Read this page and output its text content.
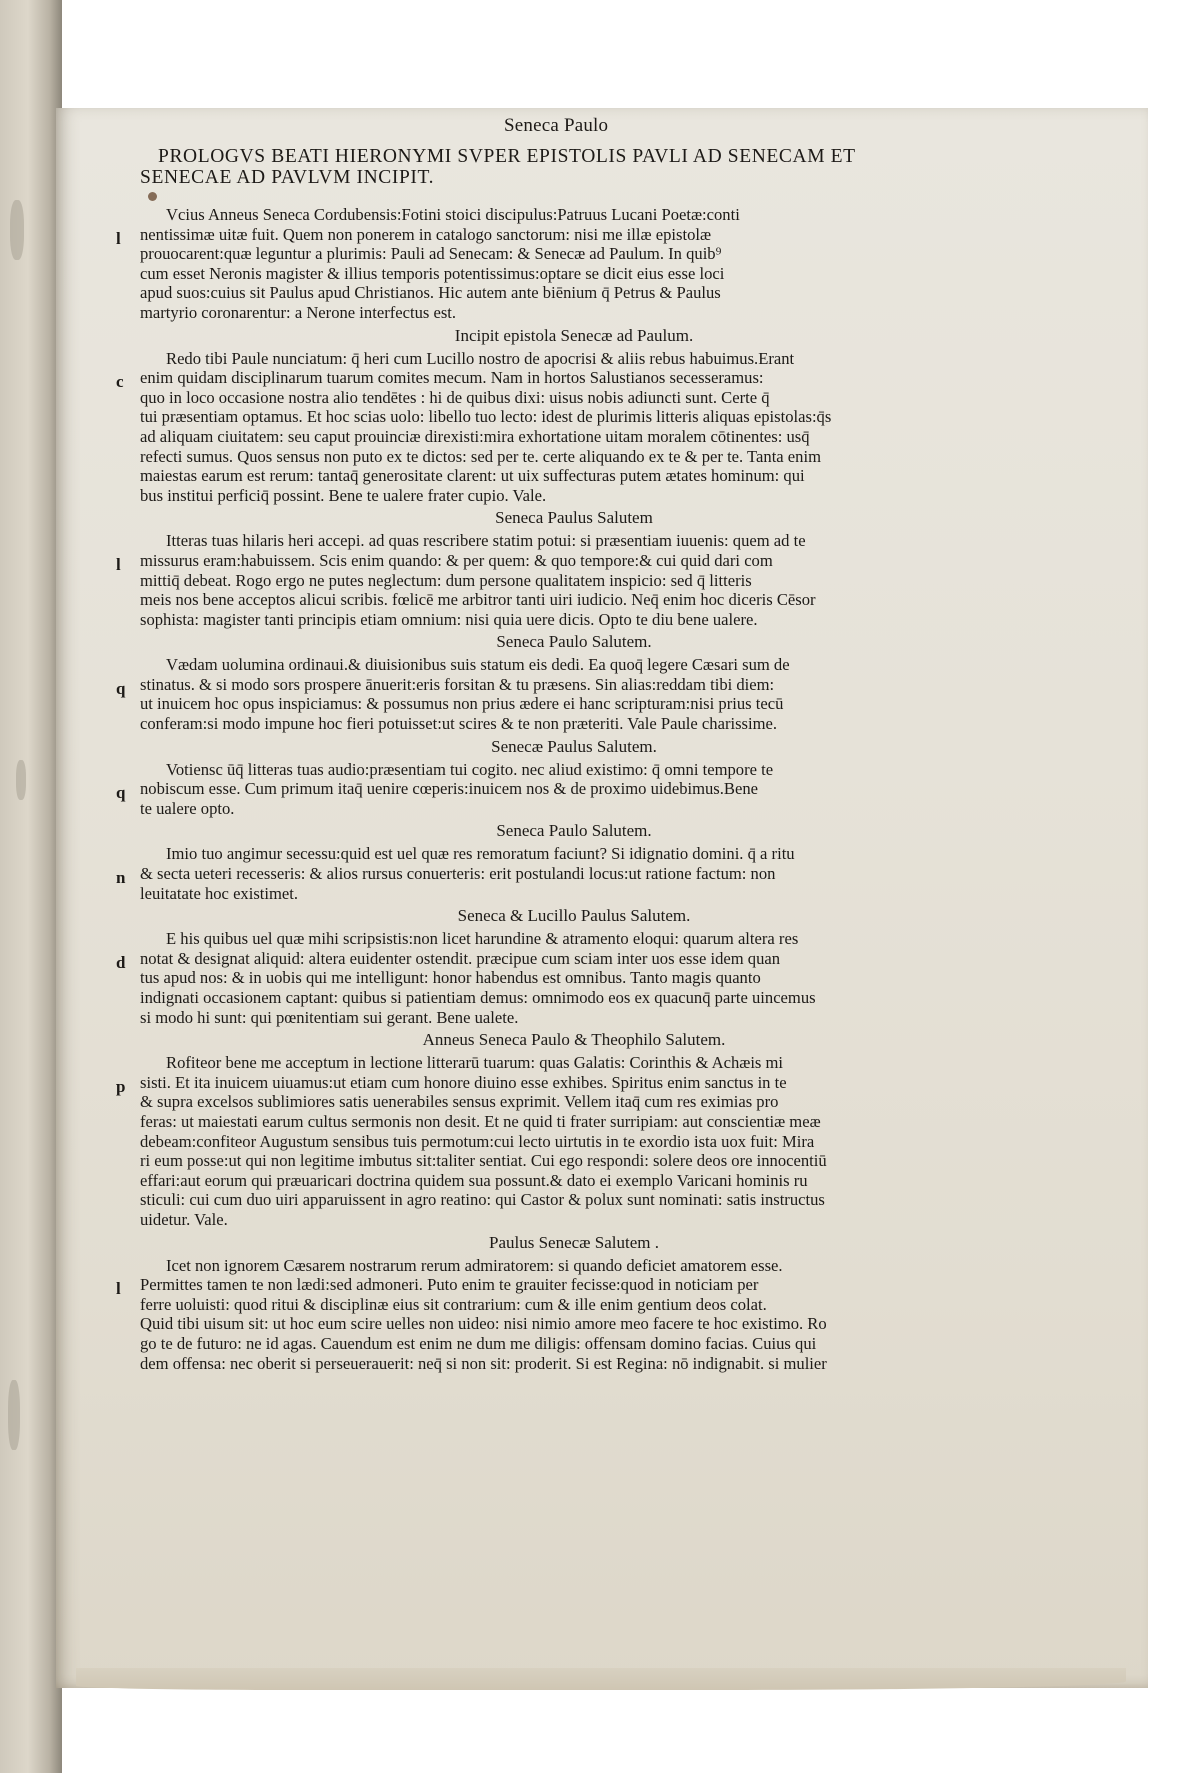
Seneca Paulo
PROLOGVS BEATI HIERONYMI SVPER EPISTOLIS PAVLI AD SENECAM ET
SENECAE AD PAVLVM INCIPIT.
l

Vcius Anneus Seneca Cordubensis:Fotini stoici discipulus:Patruus Lucani Poetæ:conti
nentissimæ uitæ fuit. Quem non ponerem in catalogo sanctorum: nisi me illæ epistolæ
prouocarent:quæ leguntur a plurimis: Pauli ad Senecam: & Senecæ ad Paulum. In quib⁹
cum esset Neronis magister & illius temporis potentissimus:optare se dicit eius esse loci
apud suos:cuius sit Paulus apud Christianos. Hic autem ante biēnium q̄ Petrus & Paulus
martyrio coronarentur: a Nerone interfectus est.

Incipit epistola Senecæ ad Paulum.
c

Redo tibi Paule nunciatum: q̄ heri cum Lucillo nostro de apocrisi & aliis rebus habuimus.Erant
enim quidam disciplinarum tuarum comites mecum. Nam in hortos Salustianos secesseramus:
quo in loco occasione nostra alio tendētes : hi de quibus dixi: uisus nobis adiuncti sunt. Certe q̄
tui præsentiam optamus. Et hoc scias uolo: libello tuo lecto: idest de plurimis litteris aliquas epistolas:q̄s
ad aliquam ciuitatem: seu caput prouinciæ direxisti:mira exhortatione uitam moralem cōtinentes: usq̄
refecti sumus. Quos sensus non puto ex te dictos: sed per te. certe aliquando ex te & per te. Tanta enim
maiestas earum est rerum: tantaq̄ generositate clarent: ut uix suffecturas putem ætates hominum: qui
bus institui perficiq̄ possint. Bene te ualere frater cupio. Vale.

Seneca Paulus Salutem
l

Itteras tuas hilaris heri accepi. ad quas rescribere statim potui: si præsentiam iuuenis: quem ad te
missurus eram:habuissem. Scis enim quando: & per quem: & quo tempore:& cui quid dari com
mittiq̄ debeat. Rogo ergo ne putes neglectum: dum persone qualitatem inspicio: sed q̄ litteris
meis nos bene acceptos alicui scribis. fœlicē me arbitror tanti uiri iudicio. Neq̄ enim hoc diceris Cēsor
sophista: magister tanti principis etiam omnium: nisi quia uere dicis. Opto te diu bene ualere.

Seneca Paulo Salutem.
q

Vædam uolumina ordinaui.& diuisionibus suis statum eis dedi. Ea quoq̄ legere Cæsari sum de
stinatus. & si modo sors prospere ānuerit:eris forsitan & tu præsens. Sin alias:reddam tibi diem:
ut inuicem hoc opus inspiciamus: & possumus non prius ædere ei hanc scripturam:nisi prius tecū
conferam:si modo impune hoc fieri potuisset:ut scires & te non præteriti. Vale Paule charissime.

Senecæ Paulus Salutem.
q

Votiensc ūq̄ litteras tuas audio:præsentiam tui cogito. nec aliud existimo: q̄ omni tempore te
nobiscum esse. Cum primum itaq̄ uenire cœperis:inuicem nos & de proximo uidebimus.Bene
te ualere opto.

Seneca Paulo Salutem.
n

Imio tuo angimur secessu:quid est uel quæ res remoratum faciunt? Si idignatio domini. q̄ a ritu
& secta ueteri recesseris: & alios rursus conuerteris: erit postulandi locus:ut ratione factum: non
leuitatate hoc existimet.

Seneca & Lucillo Paulus Salutem.
d

E his quibus uel quæ mihi scripsistis:non licet harundine & atramento eloqui: quarum altera res
notat & designat aliquid: altera euidenter ostendit. præcipue cum sciam inter uos esse idem quan
tus apud nos: & in uobis qui me intelligunt: honor habendus est omnibus. Tanto magis quanto
indignati occasionem captant: quibus si patientiam demus: omnimodo eos ex quacunq̄ parte uincemus
si modo hi sunt: qui pœnitentiam sui gerant. Bene ualete.

Anneus Seneca Paulo & Theophilo Salutem.
p

Rofiteor bene me acceptum in lectione litterarū tuarum: quas Galatis: Corinthis & Achæis mi
sisti. Et ita inuicem uiuamus:ut etiam cum honore diuino esse exhibes. Spiritus enim sanctus in te
& supra excelsos sublimiores satis uenerabiles sensus exprimit. Vellem itaq̄ cum res eximias pro
feras: ut maiestati earum cultus sermonis non desit. Et ne quid ti frater surripiam: aut conscientiæ meæ
debeam:confiteor Augustum sensibus tuis permotum:cui lecto uirtutis in te exordio ista uox fuit: Mira
ri eum posse:ut qui non legitime imbutus sit:taliter sentiat. Cui ego respondi: solere deos ore innocentiū
effari:aut eorum qui præuaricari doctrina quidem sua possunt.& dato ei exemplo Varicani hominis ru
sticuli: cui cum duo uiri apparuissent in agro reatino: qui Castor & polux sunt nominati: satis instructus
uidetur. Vale.

Paulus Senecæ Salutem .
l

Icet non ignorem Cæsarem nostrarum rerum admiratorem: si quando deficiet amatorem esse.
Permittes tamen te non lædi:sed admoneri. Puto enim te grauiter fecisse:quod in noticiam per
ferre uoluisti: quod ritui & disciplinæ eius sit contrarium: cum & ille enim gentium deos colat.
Quid tibi uisum sit: ut hoc eum scire uelles non uideo: nisi nimio amore meo facere te hoc existimo. Ro
go te de futuro: ne id agas. Cauendum est enim ne dum me diligis: offensam domino facias. Cuius qui
dem offensa: nec oberit si perseuerauerit: neq̄ si non sit: proderit. Si est Regina: nō indignabit. si mulier
